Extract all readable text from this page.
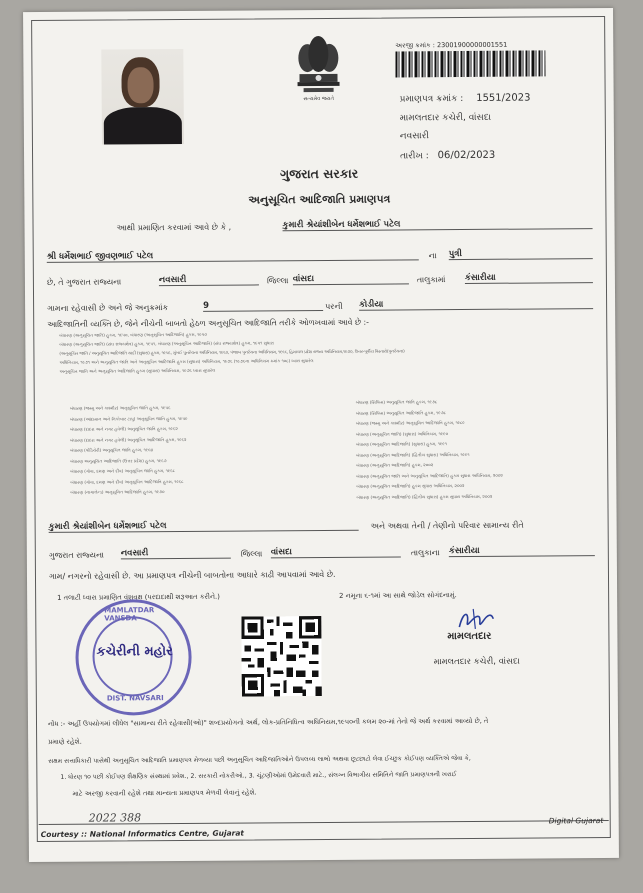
સત્યમેવ જયતે
અરજી ક્રમાંક : 23001900000001551
પ્રમાણપત્ર ક્રમાંક : 1551/2023
મામલતદાર કચેરી, વાંસદા
નવસારી
તારીખ : 06/02/2023
ગુજરાત સરકાર
અનુસૂચિત આદિજાતિ પ્રમાણપત્ર
આથી પ્રમાણિત કરવામાં આવે છે કે ,	કુમારી શ્રેયાંશીબેન ધર્મેશભાઈ પટેલ
શ્રી ધર્મેશભાઈ જીવણભાઈ પટેલ	ના પુત્રી
છે, તે ગુજરાત રાજ્યના	નવસારી	જિલ્લા વાંસદા	તાલુકામાં કંસારીયા
ગામના રહેવાસી છે અને જે અનુક્રમાંક	9	પરની કોડીયા
આદિજાતિની વ્યક્તિ છે, જેને નીચેની બાબતો હેઠળ અનુસૂચિત આદિજાતિ તરીકે ઓળખવામાં આવે છે :-
બંધારણ (અનુસૂચિત જાતિ) હુકમ, ૧૯૫૦, બંધારણ (અનુસૂચિત આદિજાતિ) હુકમ, ૧૯૫૦
બંધારણ (અનુસૂચિત જાતિ) (સંઘ રાજ્યક્ષેત્ર) હુકમ, ૧૯૫૧, બંધારણ (અનુસૂચિત આદિજાતિ) (સંઘ રાજ્યક્ષેત્ર) હુકમ, ૧૯૫૧ સુધારા
(અનુસૂચિત જાતિ / અનુસૂચિત આદિજાતિ યાદી (સુધારા) હુકમ, ૧૯૫૬, મુંબઈ પુનર્રચના અધિનિયમ, ૧૯૬૦, પંજાબ પુનર્રચના અધિનિયમ, ૧૯૬૬, હિમાચલ પ્રદેશ રાજ્ય અધિનિયમ,૧૯૭૦, ઉત્તર-પૂર્વીય વિસ્તારો(પુનર્રચના)
અધિનિયમ, ૧૯૭૧ અને અનુસૂચિત જાતિ અને અનુસૂચિત આદિજાતિ હુકમ (સુધારા) અધિનિયમ, ૧૯૭૬ (૧૯૭૬ના અધિનિયમ ક્રમાંક ૧૦૮) ધ્વારા સુધારેલ
અનુસૂચિત જાતિ અને અનુસૂચિત આદિજાતિ હુકમ (સુધારા) અધિનિયમ, ૧૯૭૬ ધ્વારા સુધારેલ
બંધારણ (જમ્મુ અને કાશ્મીર) અનુસૂચિત જાતિ હુકમ, ૧૯૫૬
બંધારણ (આંદામાન અને નિકોબાર ટાપુ) અનુસૂચિત જાતિ હુકમ, ૧૯૫૯
બંધારણ (દાદરા અને નગર હવેલી) અનુસૂચિત જાતિ હુકમ, ૧૯૬૨
બંધારણ (દાદરા અને નગર હવેલી) અનુસૂચિત આદિજાતિ હુકમ, ૧૯૬૨
બંધારણ (પોંડિચેરી) અનુસૂચિત જાતિ હુકમ, ૧૯૬૪
બંધારણ અનુસૂચિત આદિજાતિ (ઉત્તર પ્રદેશ) હુકમ, ૧૯૬૭
બંધારણ (ગોવા, દમણ અને દીવ) અનુસૂચિત જાતિ હુકમ, ૧૯૬૮
બંધારણ (ગોવા, દમણ અને દીવ) અનુસૂચિત આદિજાતિ હુકમ, ૧૯૬૮
બંધારણ (નાગાલેન્ડ) અનુસૂચિત આદિજાતિ હુકમ, ૧૯૭૦
બંધારણ (સિક્કિમ) અનુસૂચિત જાતિ હુકમ, ૧૯૭૮
બંધારણ (સિક્કિમ) અનુસૂચિત આદિજાતિ હુકમ, ૧૯૭૮
બંધારણ (જમ્મુ અને કાશ્મીર) અનુસૂચિત આદિજાતિ હુકમ, ૧૯૮૯
બંધારણ (અનુસૂચિત જાતિ) (સુધારા) અધિનિયમ, ૧૯૯૦
બંધારણ (અનુસૂચિત આદિજાતિ) (સુધારા) હુકમ, ૧૯૯૧
બંધારણ (અનુસૂચિત આદિજાતિ) (દ્વિતીય સુધારા) અધિનિયમ, ૧૯૯૧
બંધારણ (અનુસૂચિત આદિજાતિ) હુકમ, ૨૦૦૨
બંધારણ (અનુસૂચિત જાતિ અને અનુસૂચિત આદિજાતિ) હુકમ સુધારા અધિનિયમ, ૨૦૦૨
બંધારણ (અનુસૂચિત આદિજાતિ) હુકમ સુધારા અધિનિયમ, ૨૦૦૨
બંધારણ (અનુસૂચિત આદિજાતિ) (દ્વિતીય સુધારા) હુકમ સુધારા અધિનિયમ, ૨૦૦૨
કુમારી શ્રેયાંશીબેન ધર્મેશભાઈ પટેલ	અને અથવા તેની / તેણીનો પરિવાર સામાન્ય રીતે
ગુજરાત રાજ્યના નવસારી	જિલ્લા વાંસદા	તાલુકાના કંસારીયા
ગામ/ નગરનો રહેવાસી છે. આ પ્રમાણપત્ર નીચેની બાબતોના આધારે કાઢી આપવામાં આવે છે.
1 તલાટી ધ્વારા પ્રમાણિત વંશવૃક્ષ (પરદાદાથી શરૂઆત કરીને.)	2 નમૂના ૬-૧માં આ સાથે જોડેલ સોગંદનામું.
MAMLATDAR VANSDA
કચેરીની મહોર
DIST. NAVSARI
મામલતદાર
મામલતદાર કચેરી, વાંસદા
નોંધ :- અહીં ઉપયોગમાં લીધેલ "સામાન્ય રીતે રહેવાસી(ઓ)" શબ્દપ્રયોગનો અર્થ, લોક-પ્રતિનિધિત્વ અધિનિયમ,૧૯૫૦ની કલમ ૨૦-માં તેનો જે અર્થ કરવામાં આવ્યો છે, તે
પ્રમાણે રહેશે.
સક્ષમ સત્તાધિકારી પાસેથી અનુસૂચિત આદિજાતિ પ્રમાણપત્ર મેળવ્યા પછી અનુસૂચિત આદિજાતિઓને ઉપલબ્ધ લાભો અથવા છૂટછાટો લેવા ઈચ્છુક કોઈપણ વ્યક્તિએ જેવા કે,
1. ધોરણ ૧૦ પછી કોઈપણ શૈક્ષણિક સંસ્થામાં પ્રવેશ., 2. સરકારી નોકરીઓ., 3. ચૂંટણીઓમાં ઉમેદવારી માટે., સંલગ્ન વિભાગીય સમિતિને જાતિ પ્રમાણપત્રની ખરાઈ
માટે અરજી કરવાની રહેશે તથા માન્યતા પ્રમાણપત્ર મેળવી લેવાનું રહેશે.
2022 388
Courtesy :: National Informatics Centre, Gujarat
Digital Gujarat
